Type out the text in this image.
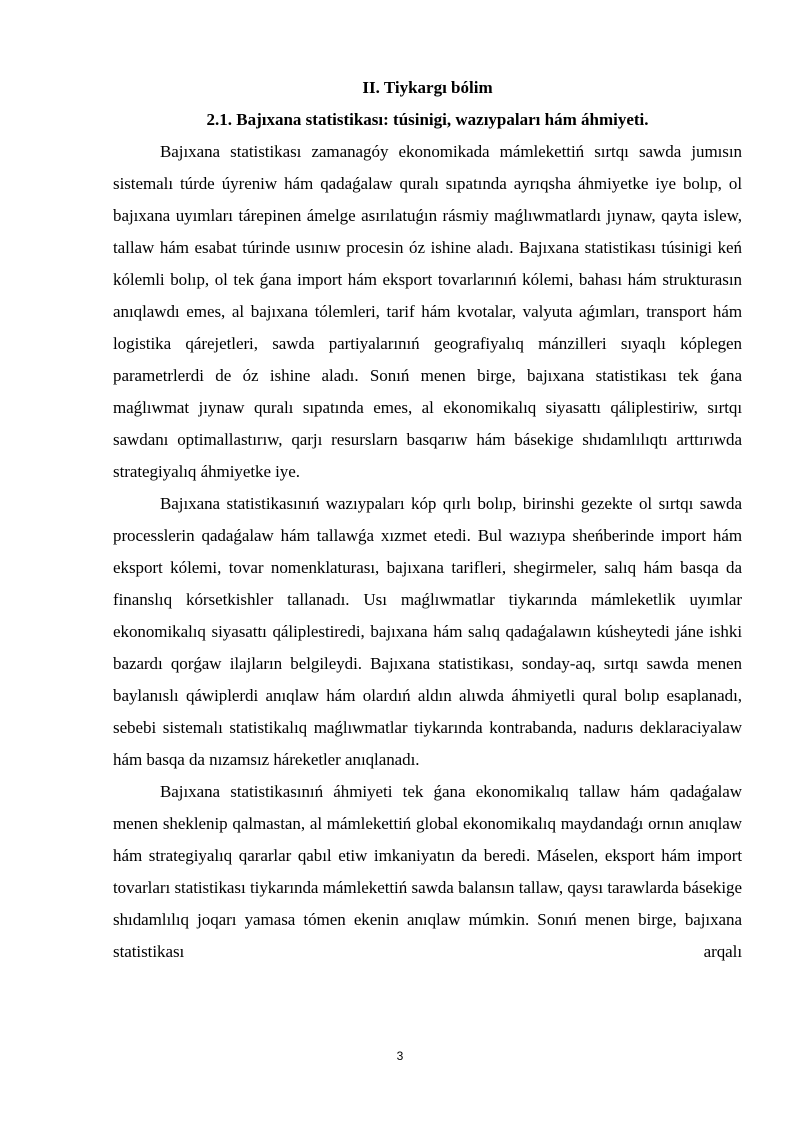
II. Tiykargı bólim

2.1. Bajıxana statistikası: túsinigi, wazıypaları hám áhmiyeti.

Bajıxana statistikası zamanagóy ekonomikada mámlekettiń sırtqı sawda jumısın sistemalı túrde úyreniw hám qadaǵalaw quralı sıpatında ayrıqsha áhmiyetke iye bolıp, ol bajıxana uyımları tárepinen ámelge asırılatuǵın rásmiy maǵlıwmatlardı jıynaw, qayta islew, tallaw hám esabat túrinde usınıw procesin óz ishine aladı. Bajıxana statistikası túsinigi keń kólemli bolıp, ol tek ǵana import hám eksport tovarlarınıń kólemi, bahası hám strukturasın anıqlawdı emes, al bajıxana tólemleri, tarif hám kvotalar, valyuta aǵımları, transport hám logistika qárejetleri, sawda partiyalarınıń geografiyalıq mánzilleri sıyaqlı kóplegen parametrlerdi de óz ishine aladı. Sonıń menen birge, bajıxana statistikası tek ǵana maǵlıwmat jıynaw quralı sıpatında emes, al ekonomikalıq siyasattı qáliplestiriw, sırtqı sawdanı optimallastırıw, qarjı resurslarn basqarıw hám básekige shıdamlılıqtı arttırıwda strategiyalıq áhmiyetke iye.

Bajıxana statistikasınıń wazıypaları kóp qırlı bolıp, birinshi gezekte ol sırtqı sawda processlerin qadaǵalaw hám tallawǵa xızmet etedi. Bul wazıypa sheńberinde import hám eksport kólemi, tovar nomenklaturası, bajıxana tarifleri, shegirmeler, salıq hám basqa da finanslıq kórsetkishler tallanadı. Usı maǵlıwmatlar tiykarında mámleketlik uyımlar ekonomikalıq siyasattı qáliplestiredi, bajıxana hám salıq qadaǵalawın kúsheytedi jáne ishki bazardı qorǵaw ilajların belgileydi. Bajıxana statistikası, sonday-aq, sırtqı sawda menen baylanıslı qáwiplerdi anıqlaw hám olardıń aldın alıwda áhmiyetli qural bolıp esaplanadı, sebebi sistemalı statistikalıq maǵlıwmatlar tiykarında kontrabanda, nadurıs deklaraciyalaw hám basqa da nızamsız háreketler anıqlanadı.

Bajıxana statistikasınıń áhmiyeti tek ǵana ekonomikalıq tallaw hám qadaǵalaw menen sheklenip qalmastan, al mámlekettiń global ekonomikalıq maydandaǵı ornın anıqlaw hám strategiyalıq qararlar qabıl etiw imkaniyatın da beredi. Máselen, eksport hám import tovarları statistikası tiykarında mámlekettiń sawda balansın tallaw, qaysı tarawlarda básekige shıdamlılıq joqarı yamasa tómen ekenin anıqlaw múmkin. Sonıń menen birge, bajıxana statistikası arqalı

3
